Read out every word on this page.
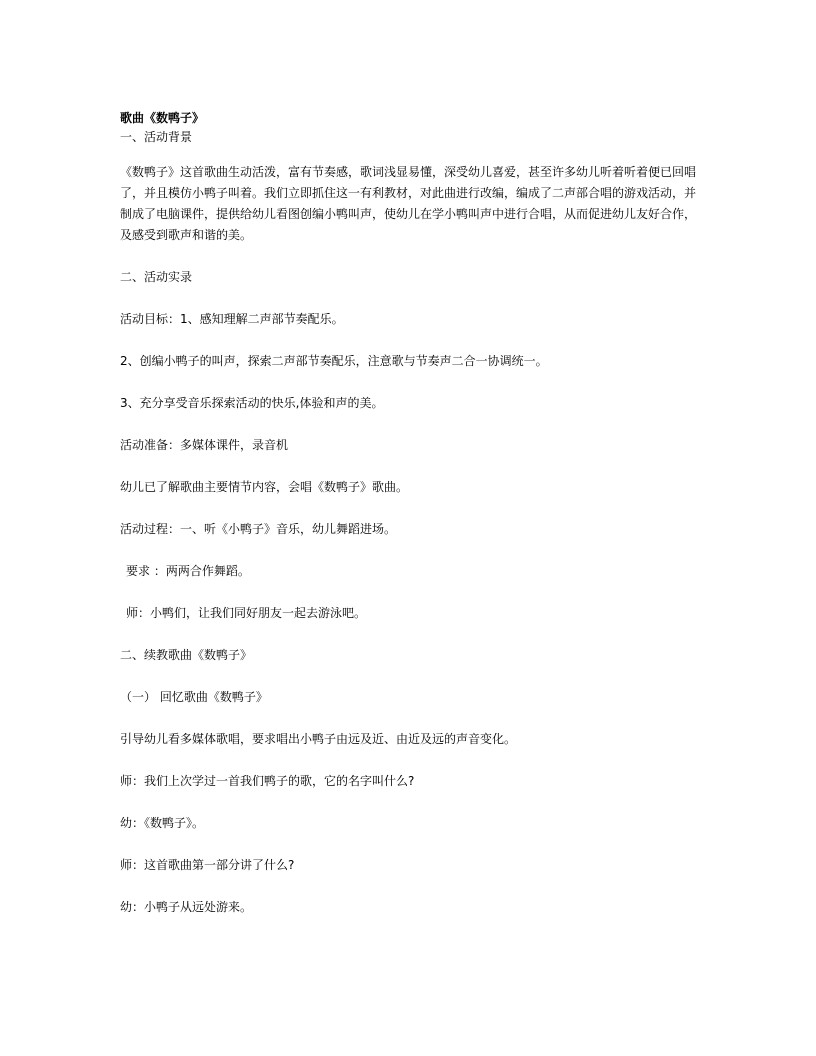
歌曲《数鸭子》

一、活动背景

《数鸭子》这首歌曲生动活泼，富有节奏感，歌词浅显易懂，深受幼儿喜爱，甚至许多幼儿听着听着便已回唱

了，并且模仿小鸭子叫着。我们立即抓住这一有利教材，对此曲进行改编，编成了二声部合唱的游戏活动，并

制成了电脑课件，提供给幼儿看图创编小鸭叫声，使幼儿在学小鸭叫声中进行合唱，从而促进幼儿友好合作，

及感受到歌声和谐的美。

二、活动实录

活动目标：1、感知理解二声部节奏配乐。

2、创编小鸭子的叫声，探索二声部节奏配乐，注意歌与节奏声二合一协调统一。

3、充分享受音乐探索活动的快乐,体验和声的美。

活动准备：多媒体课件，录音机

幼儿已了解歌曲主要情节内容，会唱《数鸭子》歌曲。

活动过程：一、听《小鸭子》音乐，幼儿舞蹈进场。

要求 ：两两合作舞蹈。

师：小鸭们，让我们同好朋友一起去游泳吧。

二、续教歌曲《数鸭子》

（一） 回忆歌曲《数鸭子》

引导幼儿看多媒体歌唱，要求唱出小鸭子由远及近、由近及远的声音变化。

师：我们上次学过一首我们鸭子的歌，它的名字叫什么?

幼：《数鸭子》。

师：这首歌曲第一部分讲了什么?

幼：小鸭子从远处游来。
